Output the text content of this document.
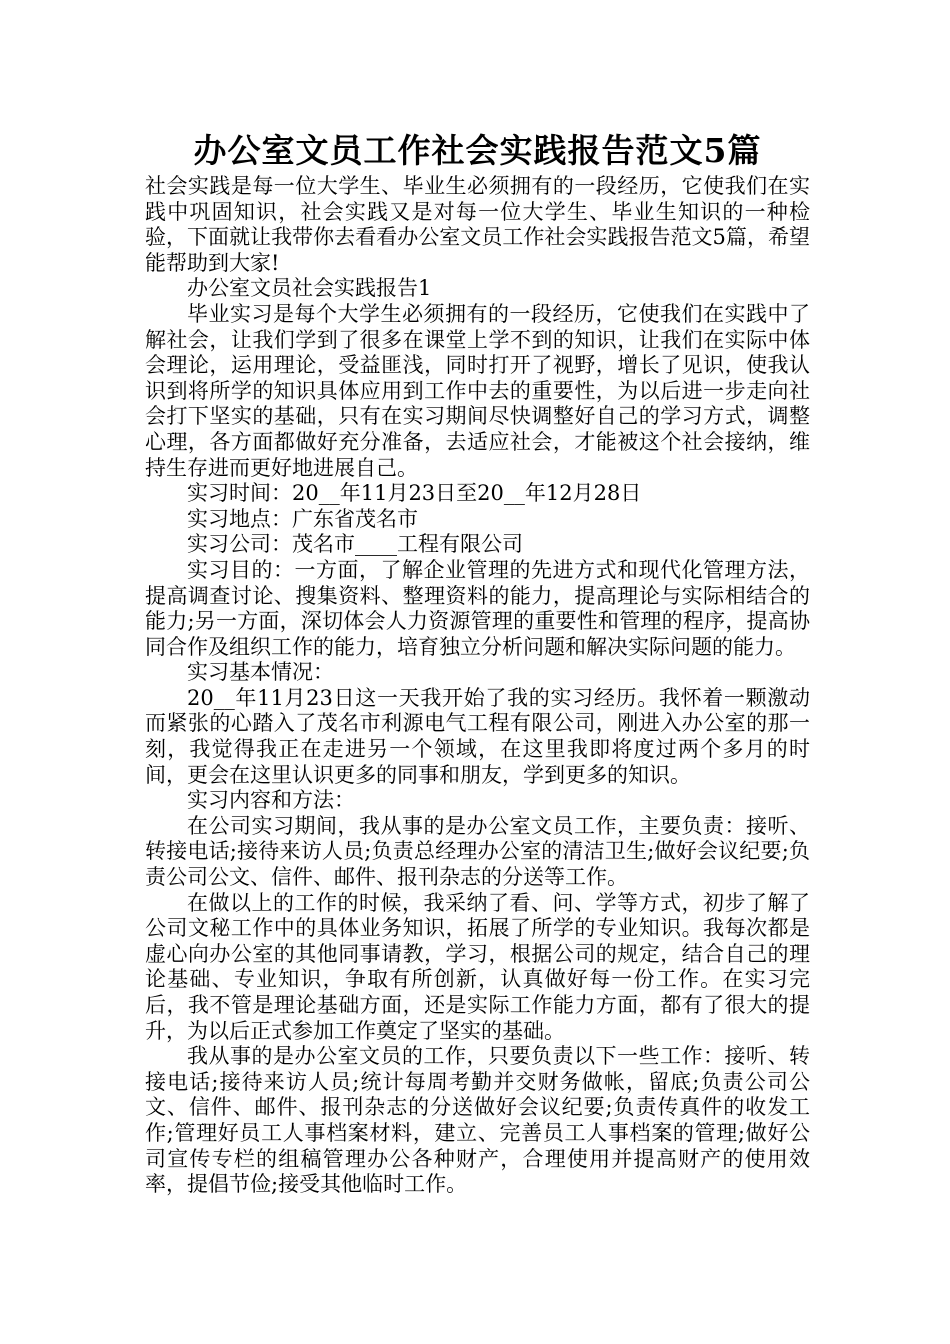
办公室文员工作社会实践报告范文5篇

社会实践是每一位大学生、毕业生必须拥有的一段经历，它使我们在实践中巩固知识，社会实践又是对每一位大学生、毕业生知识的一种检验，下面就让我带你去看看办公室文员工作社会实践报告范文5篇，希望能帮助到大家!

办公室文员社会实践报告1

毕业实习是每个大学生必须拥有的一段经历，它使我们在实践中了解社会，让我们学到了很多在课堂上学不到的知识，让我们在实际中体会理论，运用理论，受益匪浅，同时打开了视野，增长了见识，使我认识到将所学的知识具体应用到工作中去的重要性，为以后进一步走向社会打下坚实的基础，只有在实习期间尽快调整好自己的学习方式，调整心理，各方面都做好充分准备，去适应社会，才能被这个社会接纳，维持生存进而更好地进展自己。

实习时间：20__年11月23日至20__年12月28日

实习地点：广东省茂名市

实习公司：茂名市____工程有限公司

实习目的：一方面，了解企业管理的先进方式和现代化管理方法，提高调查讨论、搜集资料、整理资料的能力，提高理论与实际相结合的能力;另一方面，深切体会人力资源管理的重要性和管理的程序，提高协同合作及组织工作的能力，培育独立分析问题和解决实际问题的能力。

实习基本情况：

20__年11月23日这一天我开始了我的实习经历。我怀着一颗激动而紧张的心踏入了茂名市利源电气工程有限公司，刚进入办公室的那一刻，我觉得我正在走进另一个领域，在这里我即将度过两个多月的时间，更会在这里认识更多的同事和朋友，学到更多的知识。

实习内容和方法：

在公司实习期间，我从事的是办公室文员工作，主要负责：接听、转接电话;接待来访人员;负责总经理办公室的清洁卫生;做好会议纪要;负责公司公文、信件、邮件、报刊杂志的分送等工作。

在做以上的工作的时候，我采纳了看、问、学等方式，初步了解了公司文秘工作中的具体业务知识，拓展了所学的专业知识。我每次都是虚心向办公室的其他同事请教，学习，根据公司的规定，结合自己的理论基础、专业知识，争取有所创新，认真做好每一份工作。在实习完后，我不管是理论基础方面，还是实际工作能力方面，都有了很大的提升，为以后正式参加工作奠定了坚实的基础。

我从事的是办公室文员的工作，只要负责以下一些工作：接听、转接电话;接待来访人员;统计每周考勤并交财务做帐，留底;负责公司公文、信件、邮件、报刊杂志的分送做好会议纪要;负责传真件的收发工作;管理好员工人事档案材料，建立、完善员工人事档案的管理;做好公司宣传专栏的组稿管理办公各种财产，合理使用并提高财产的使用效率，提倡节俭;接受其他临时工作。
